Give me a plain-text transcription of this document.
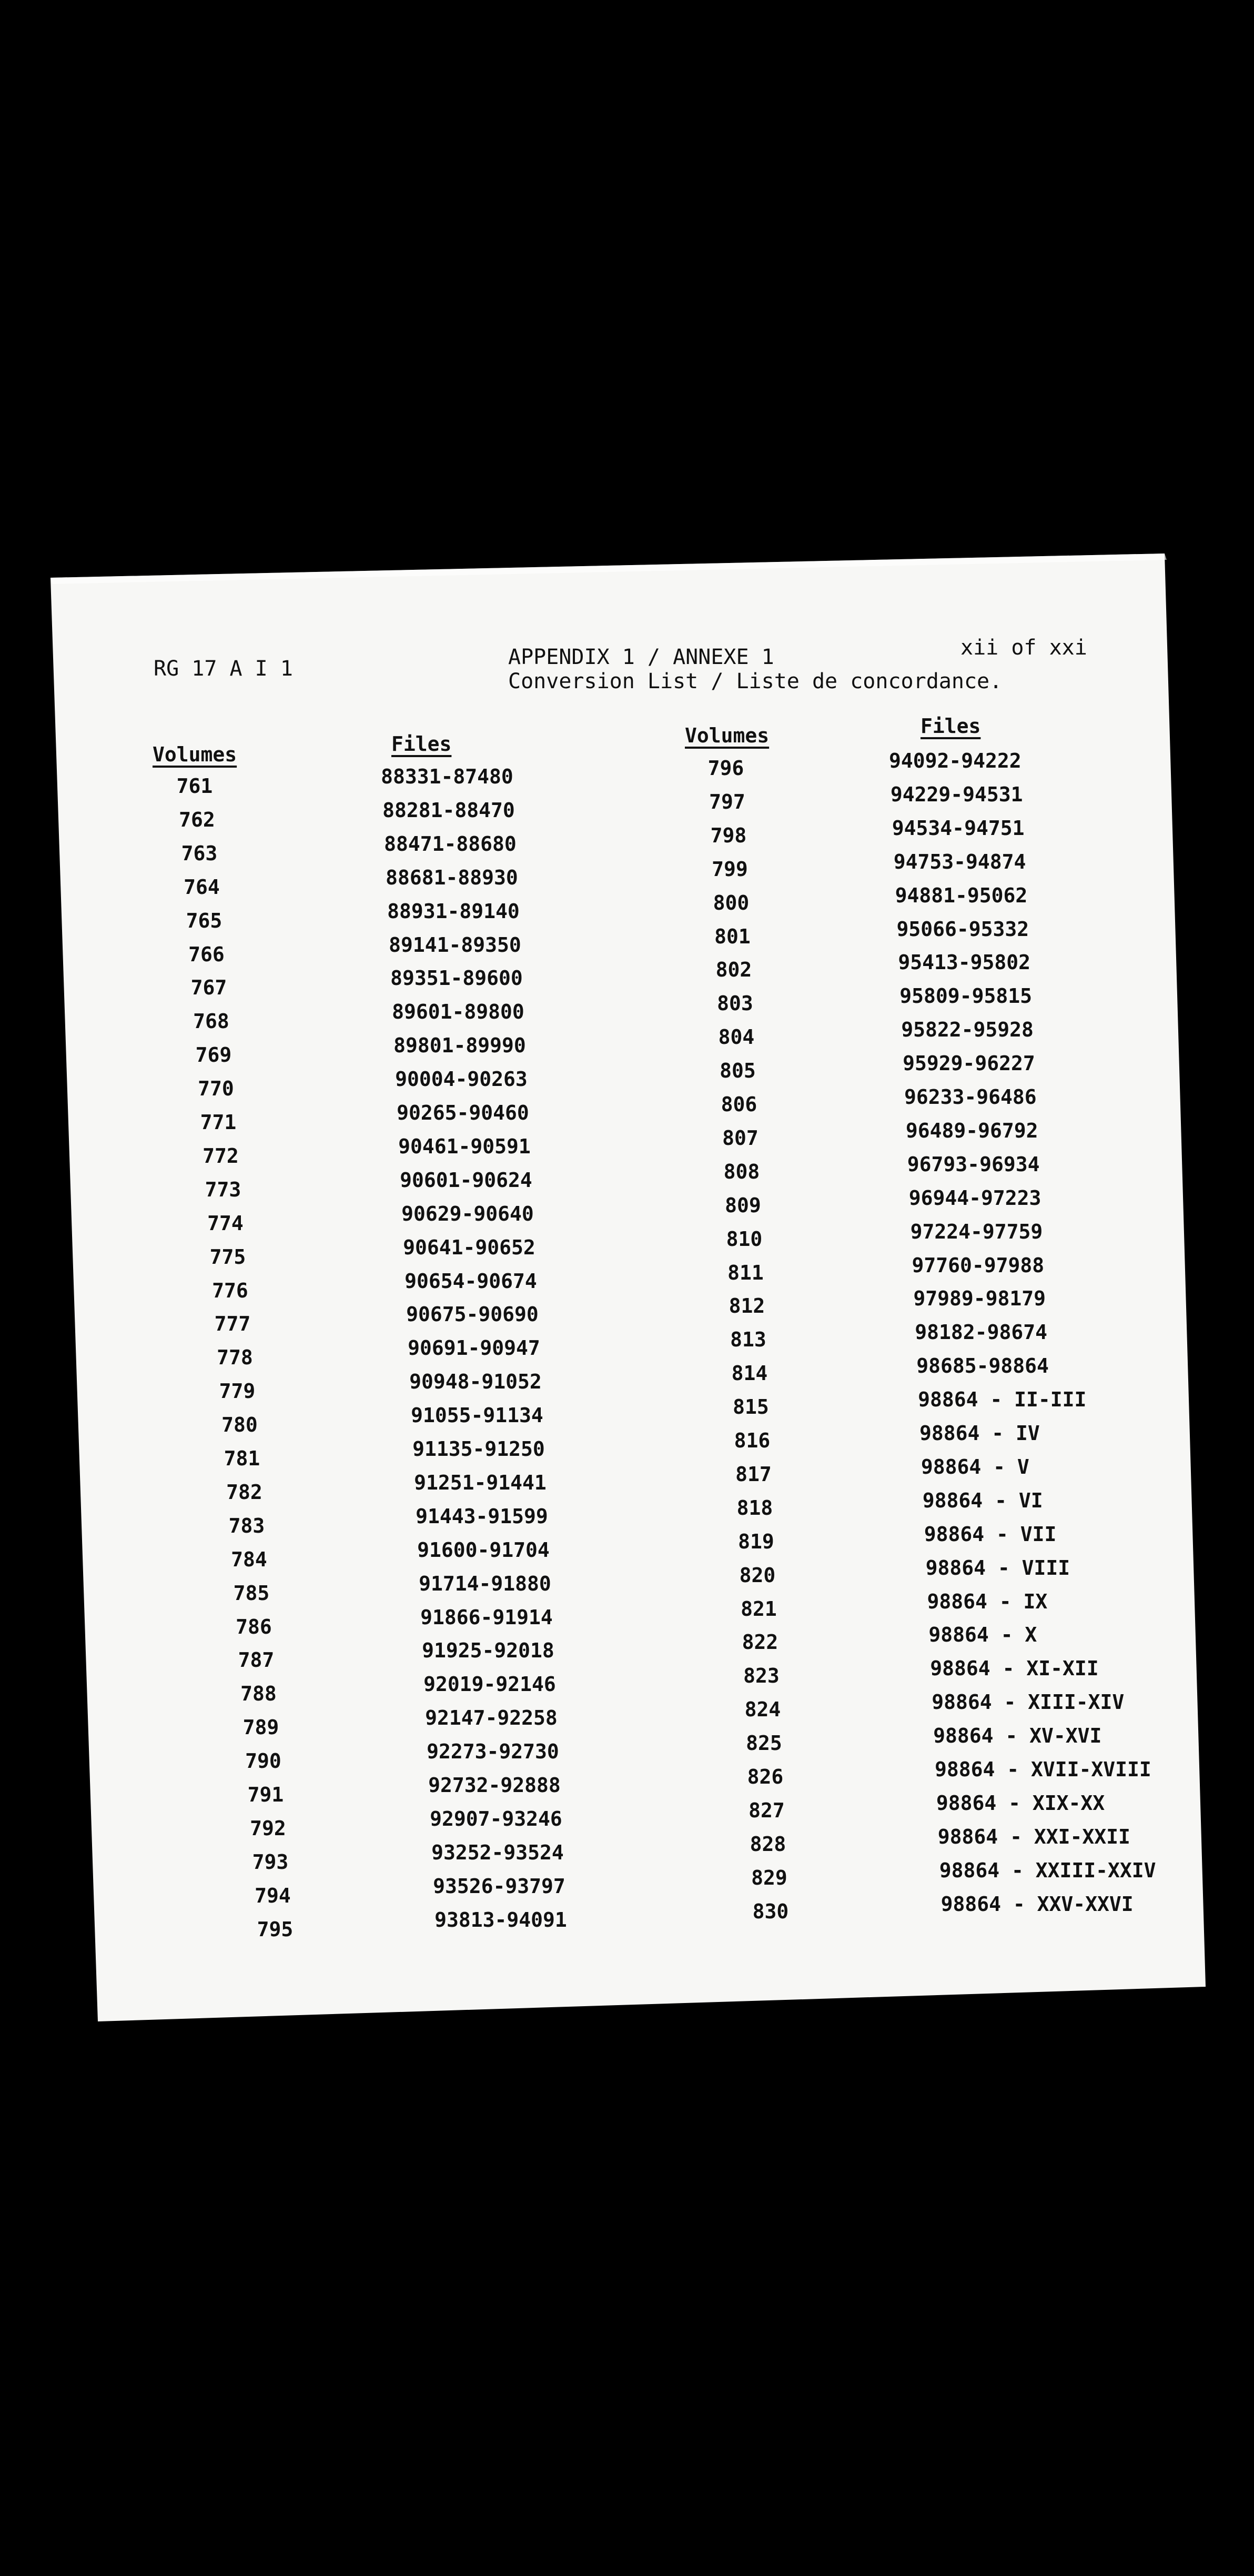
RG 17 A I 1
xii of xxi
APPENDIX 1 / ANNEXE 1
Conversion List / Liste de concordance.
Volumes	Files	Volumes	Files
761	88331-87480
762	88281-88470
763	88471-88680
764	88681-88930
765	88931-89140
766	89141-89350
767	89351-89600
768	89601-89800
769	89801-89990
770	90004-90263
771	90265-90460
772	90461-90591
773	90601-90624
774	90629-90640
775	90641-90652
776	90654-90674
777	90675-90690
778	90691-90947
779	90948-91052
780	91055-91134
781	91135-91250
782	91251-91441
783	91443-91599
784	91600-91704
785	91714-91880
786	91866-91914
787	91925-92018
788	92019-92146
789	92147-92258
790	92273-92730
791	92732-92888
792	92907-93246
793	93252-93524
794	93526-93797
795	93813-94091
796	94092-94222
797	94229-94531
798	94534-94751
799	94753-94874
800	94881-95062
801	95066-95332
802	95413-95802
803	95809-95815
804	95822-95928
805	95929-96227
806	96233-96486
807	96489-96792
808	96793-96934
809	96944-97223
810	97224-97759
811	97760-97988
812	97989-98179
813	98182-98674
814	98685-98864
815	98864 - II-III
816	98864 - IV
817	98864 - V
818	98864 - VI
819	98864 - VII
820	98864 - VIII
821	98864 - IX
822	98864 - X
823	98864 - XI-XII
824	98864 - XIII-XIV
825	98864 - XV-XVI
826	98864 - XVII-XVIII
827	98864 - XIX-XX
828	98864 - XXI-XXII
829	98864 - XXIII-XXIV
830	98864 - XXV-XXVI
